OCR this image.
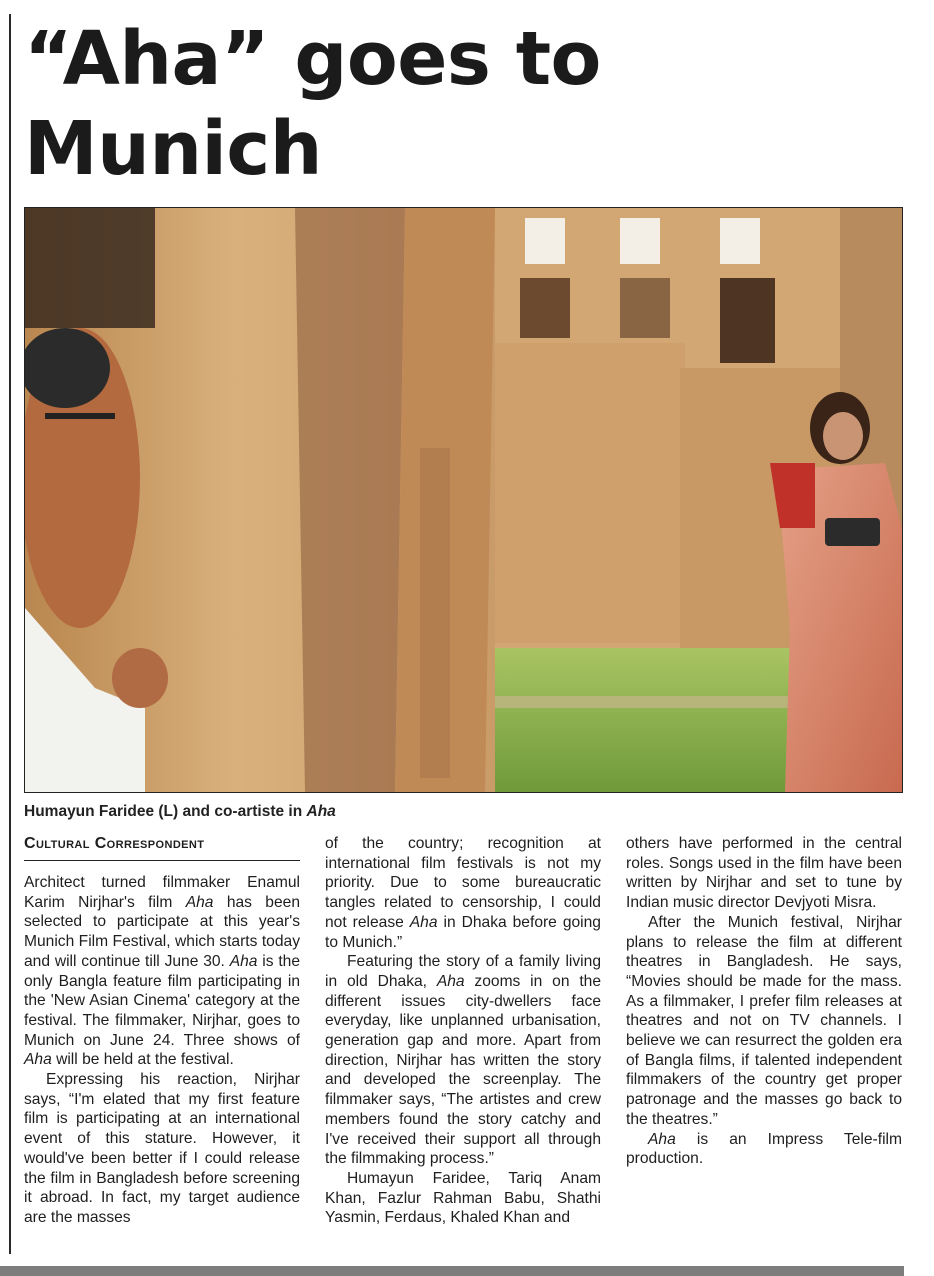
“Aha” goes to Munich

Humayun Faridee (L) and co-artiste in Aha
Cultural Correspondent

Architect turned filmmaker Enamul Karim Nirjhar's film Aha has been selected to participate at this year's Munich Film Festival, which starts today and will continue till June 30. Aha is the only Bangla feature film participating in the 'New Asian Cinema' category at the festival. The filmmaker, Nirjhar, goes to Munich on June 24. Three shows of Aha will be held at the festival.

Expressing his reaction, Nirjhar says, “I'm elated that my first feature film is participating at an international event of this stature. However, it would've been better if I could release the film in Bangladesh before screening it abroad. In fact, my target audience are the masses

of the country; recognition at international film festivals is not my priority. Due to some bureaucratic tangles related to censorship, I could not release Aha in Dhaka before going to Munich.”

Featuring the story of a family living in old Dhaka, Aha zooms in on the different issues city-dwellers face everyday, like unplanned urbanisation, generation gap and more. Apart from direction, Nirjhar has written the story and developed the screenplay. The filmmaker says, “The artistes and crew members found the story catchy and I've received their support all through the filmmaking process.”

Humayun Faridee, Tariq Anam Khan, Fazlur Rahman Babu, Shathi Yasmin, Ferdaus, Khaled Khan and

others have performed in the central roles. Songs used in the film have been written by Nirjhar and set to tune by Indian music director Devjyoti Misra.

After the Munich festival, Nirjhar plans to release the film at different theatres in Bangladesh. He says, “Movies should be made for the mass. As a filmmaker, I prefer film releases at theatres and not on TV channels. I believe we can resurrect the golden era of Bangla films, if talented independent filmmakers of the country get proper patronage and the masses go back to the theatres.”

Aha is an Impress Tele-film production.
